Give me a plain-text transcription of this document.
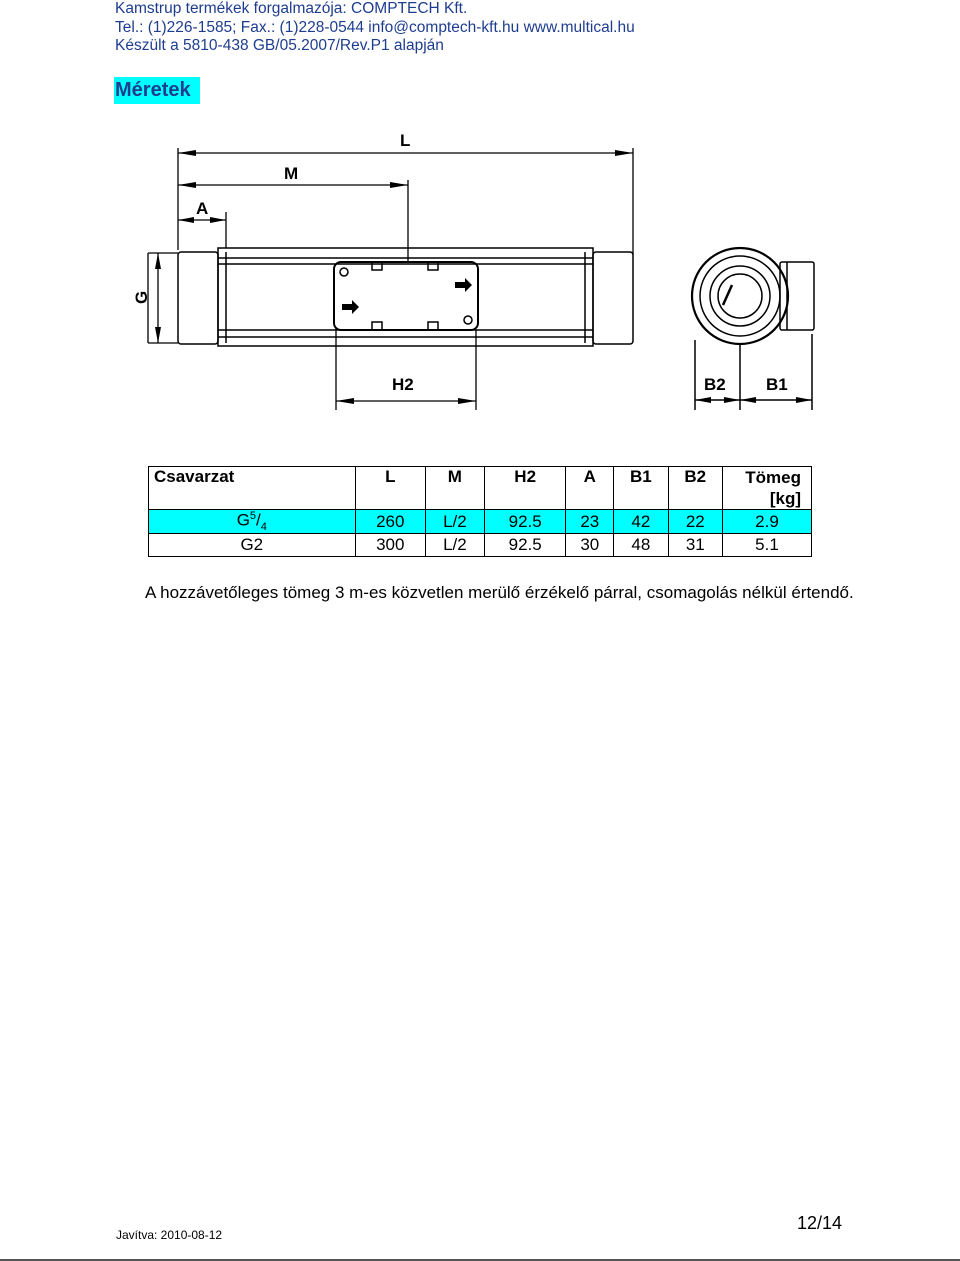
Kamstrup termékek forgalmazója: COMPTECH Kft.
Tel.: (1)226-1585; Fax.: (1)228-0544 info@comptech-kft.hu www.multical.hu
Készült a 5810-438 GB/05.2007/Rev.P1 alapján
Méretek
L
M
A
G
H2	B2 B1
Csavarzat	L	M	H2	A	B1	B2	Tömeg
[kg]
$G^5/_4$	260	L/2	92.5	23	42	22	2.9
G2	300	L/2	92.5	30	48	31	5.1
A hozzávetőleges tömeg 3 m-es közvetlen merülő érzékelő párral, csomagolás nélkül értendő.
Javítva: 2010-08-12
12/14
